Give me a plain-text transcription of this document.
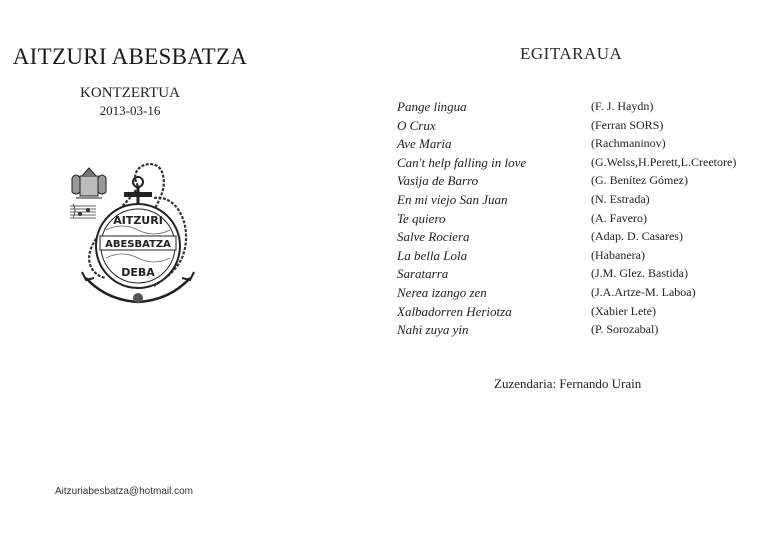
AITZURI ABESBATZA
KONTZERTUA
2013-03-16
AITZURI
ABESBATZA
DEBA
Aitzuriabesbatza@hotmail.com
EGITARAUA
Pange lingua	(F. J. Haydn)
O Crux	(Ferran SORS)
Ave Maria	(Rachmaninov)
Can't help falling in love	(G.Welss,H.Perett,L.Creetore)
Vasija de Barro	(G. Benítez Gómez)
En mi viejo San Juan	(N. Estrada)
Te quiero	(A. Favero)
Salve Rociera	(Adap. D. Casares)
La bella Lola	(Habanera)
Saratarra	(J.M. Glez. Bastida)
Nerea izango zen	(J.A.Artze-M. Laboa)
Xalbadorren Heriotza	(Xabier Lete)
Nahi zuya yin	(P. Sorozabal)
Zuzendaria: Fernando Urain
